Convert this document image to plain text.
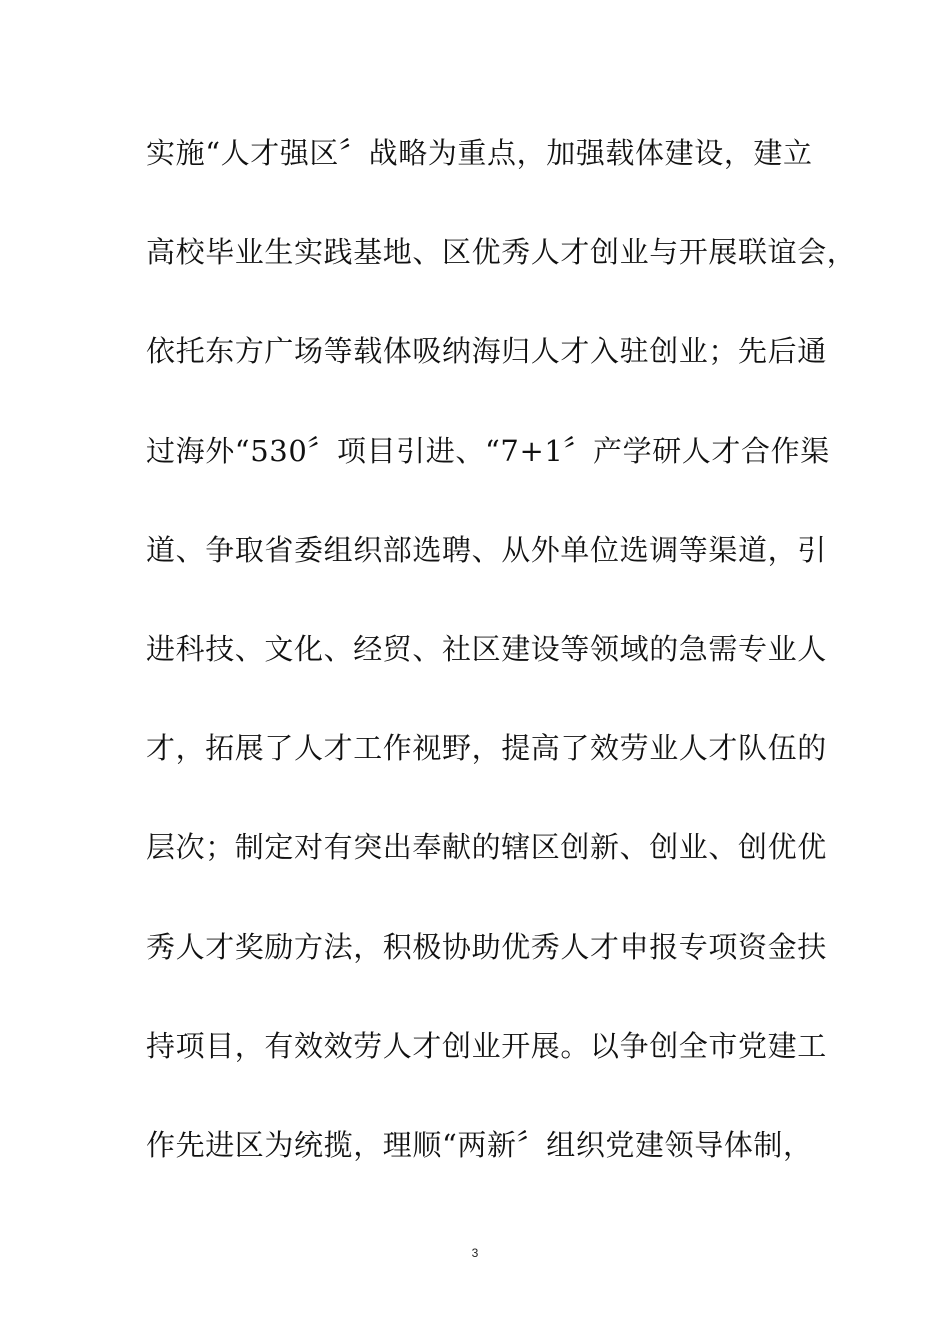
实施“人才强区〞战略为重点，加强载体建设，建立
高校毕业生实践基地、区优秀人才创业与开展联谊会，
依托东方广场等载体吸纳海归人才入驻创业；先后通
过海外“530〞项目引进、“7+1〞产学研人才合作渠
道、争取省委组织部选聘、从外单位选调等渠道，引
进科技、文化、经贸、社区建设等领域的急需专业人
才，拓展了人才工作视野，提高了效劳业人才队伍的
层次；制定对有突出奉献的辖区创新、创业、创优优
秀人才奖励方法，积极协助优秀人才申报专项资金扶
持项目，有效效劳人才创业开展。以争创全市党建工
作先进区为统揽，理顺“两新〞组织党建领导体制，
3
